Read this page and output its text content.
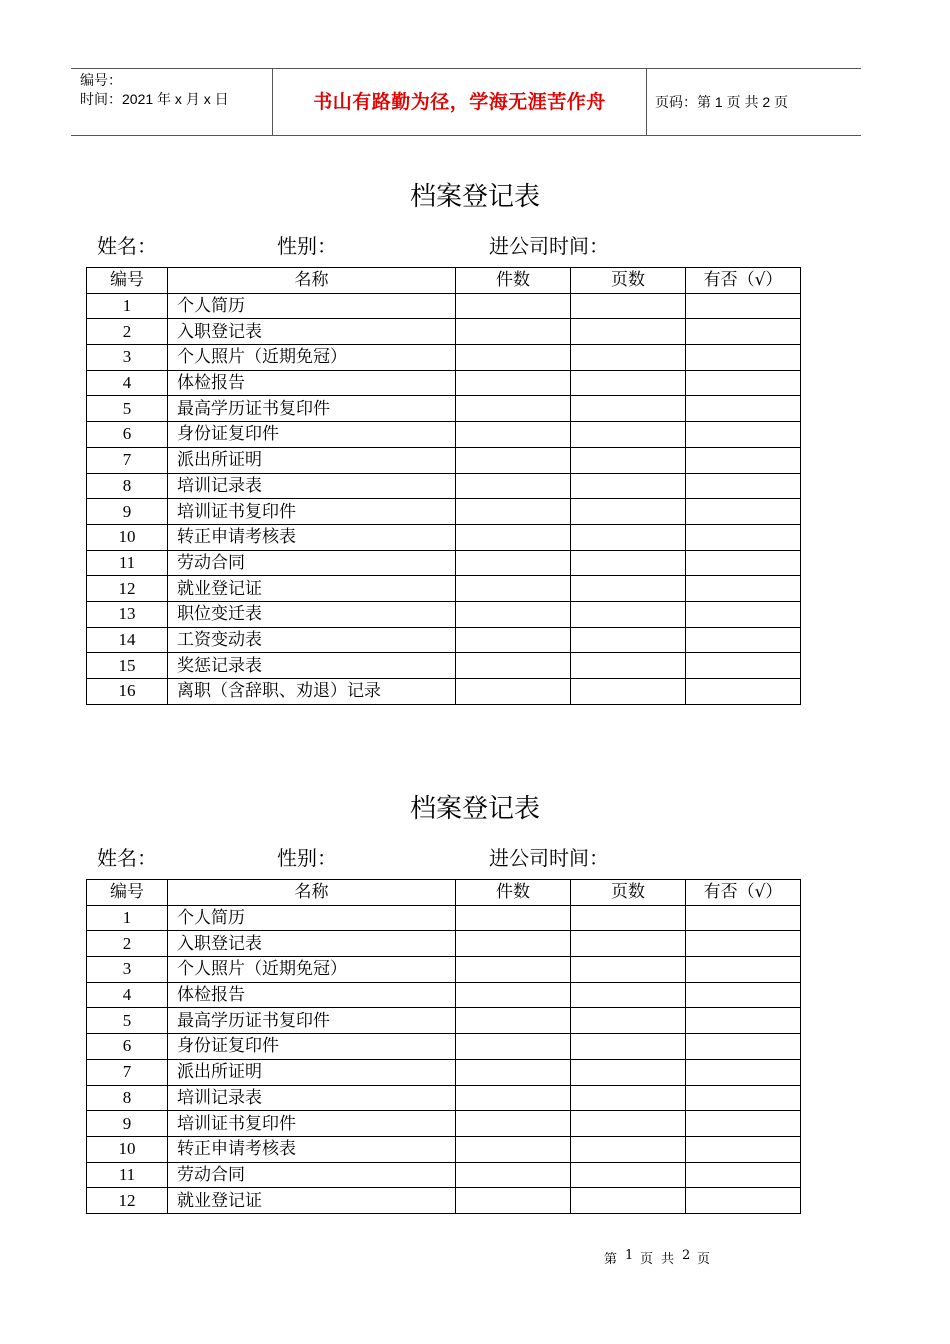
编号：
时间：2021 年 x 月 x 日	书山有路勤为径，学海无涯苦作舟	页码：第 1 页 共 2 页
档案登记表
姓名：	性别：	进公司时间：
编号	名称	件数	页数	有否（√）
1	个人简历			
2	入职登记表			
3	个人照片（近期免冠）			
4	体检报告			
5	最高学历证书复印件			
6	身份证复印件			
7	派出所证明			
8	培训记录表			
9	培训证书复印件			
10	转正申请考核表			
11	劳动合同			
12	就业登记证			
13	职位变迁表			
14	工资变动表			
15	奖惩记录表			
16	离职（含辞职、劝退）记录			
档案登记表
姓名：	性别：	进公司时间：
编号	名称	件数	页数	有否（√）
1	个人简历			
2	入职登记表			
3	个人照片（近期免冠）			
4	体检报告			
5	最高学历证书复印件			
6	身份证复印件			
7	派出所证明			
8	培训记录表			
9	培训证书复印件			
10	转正申请考核表			
11	劳动合同			
12	就业登记证			
第 1 页 共 2 页
